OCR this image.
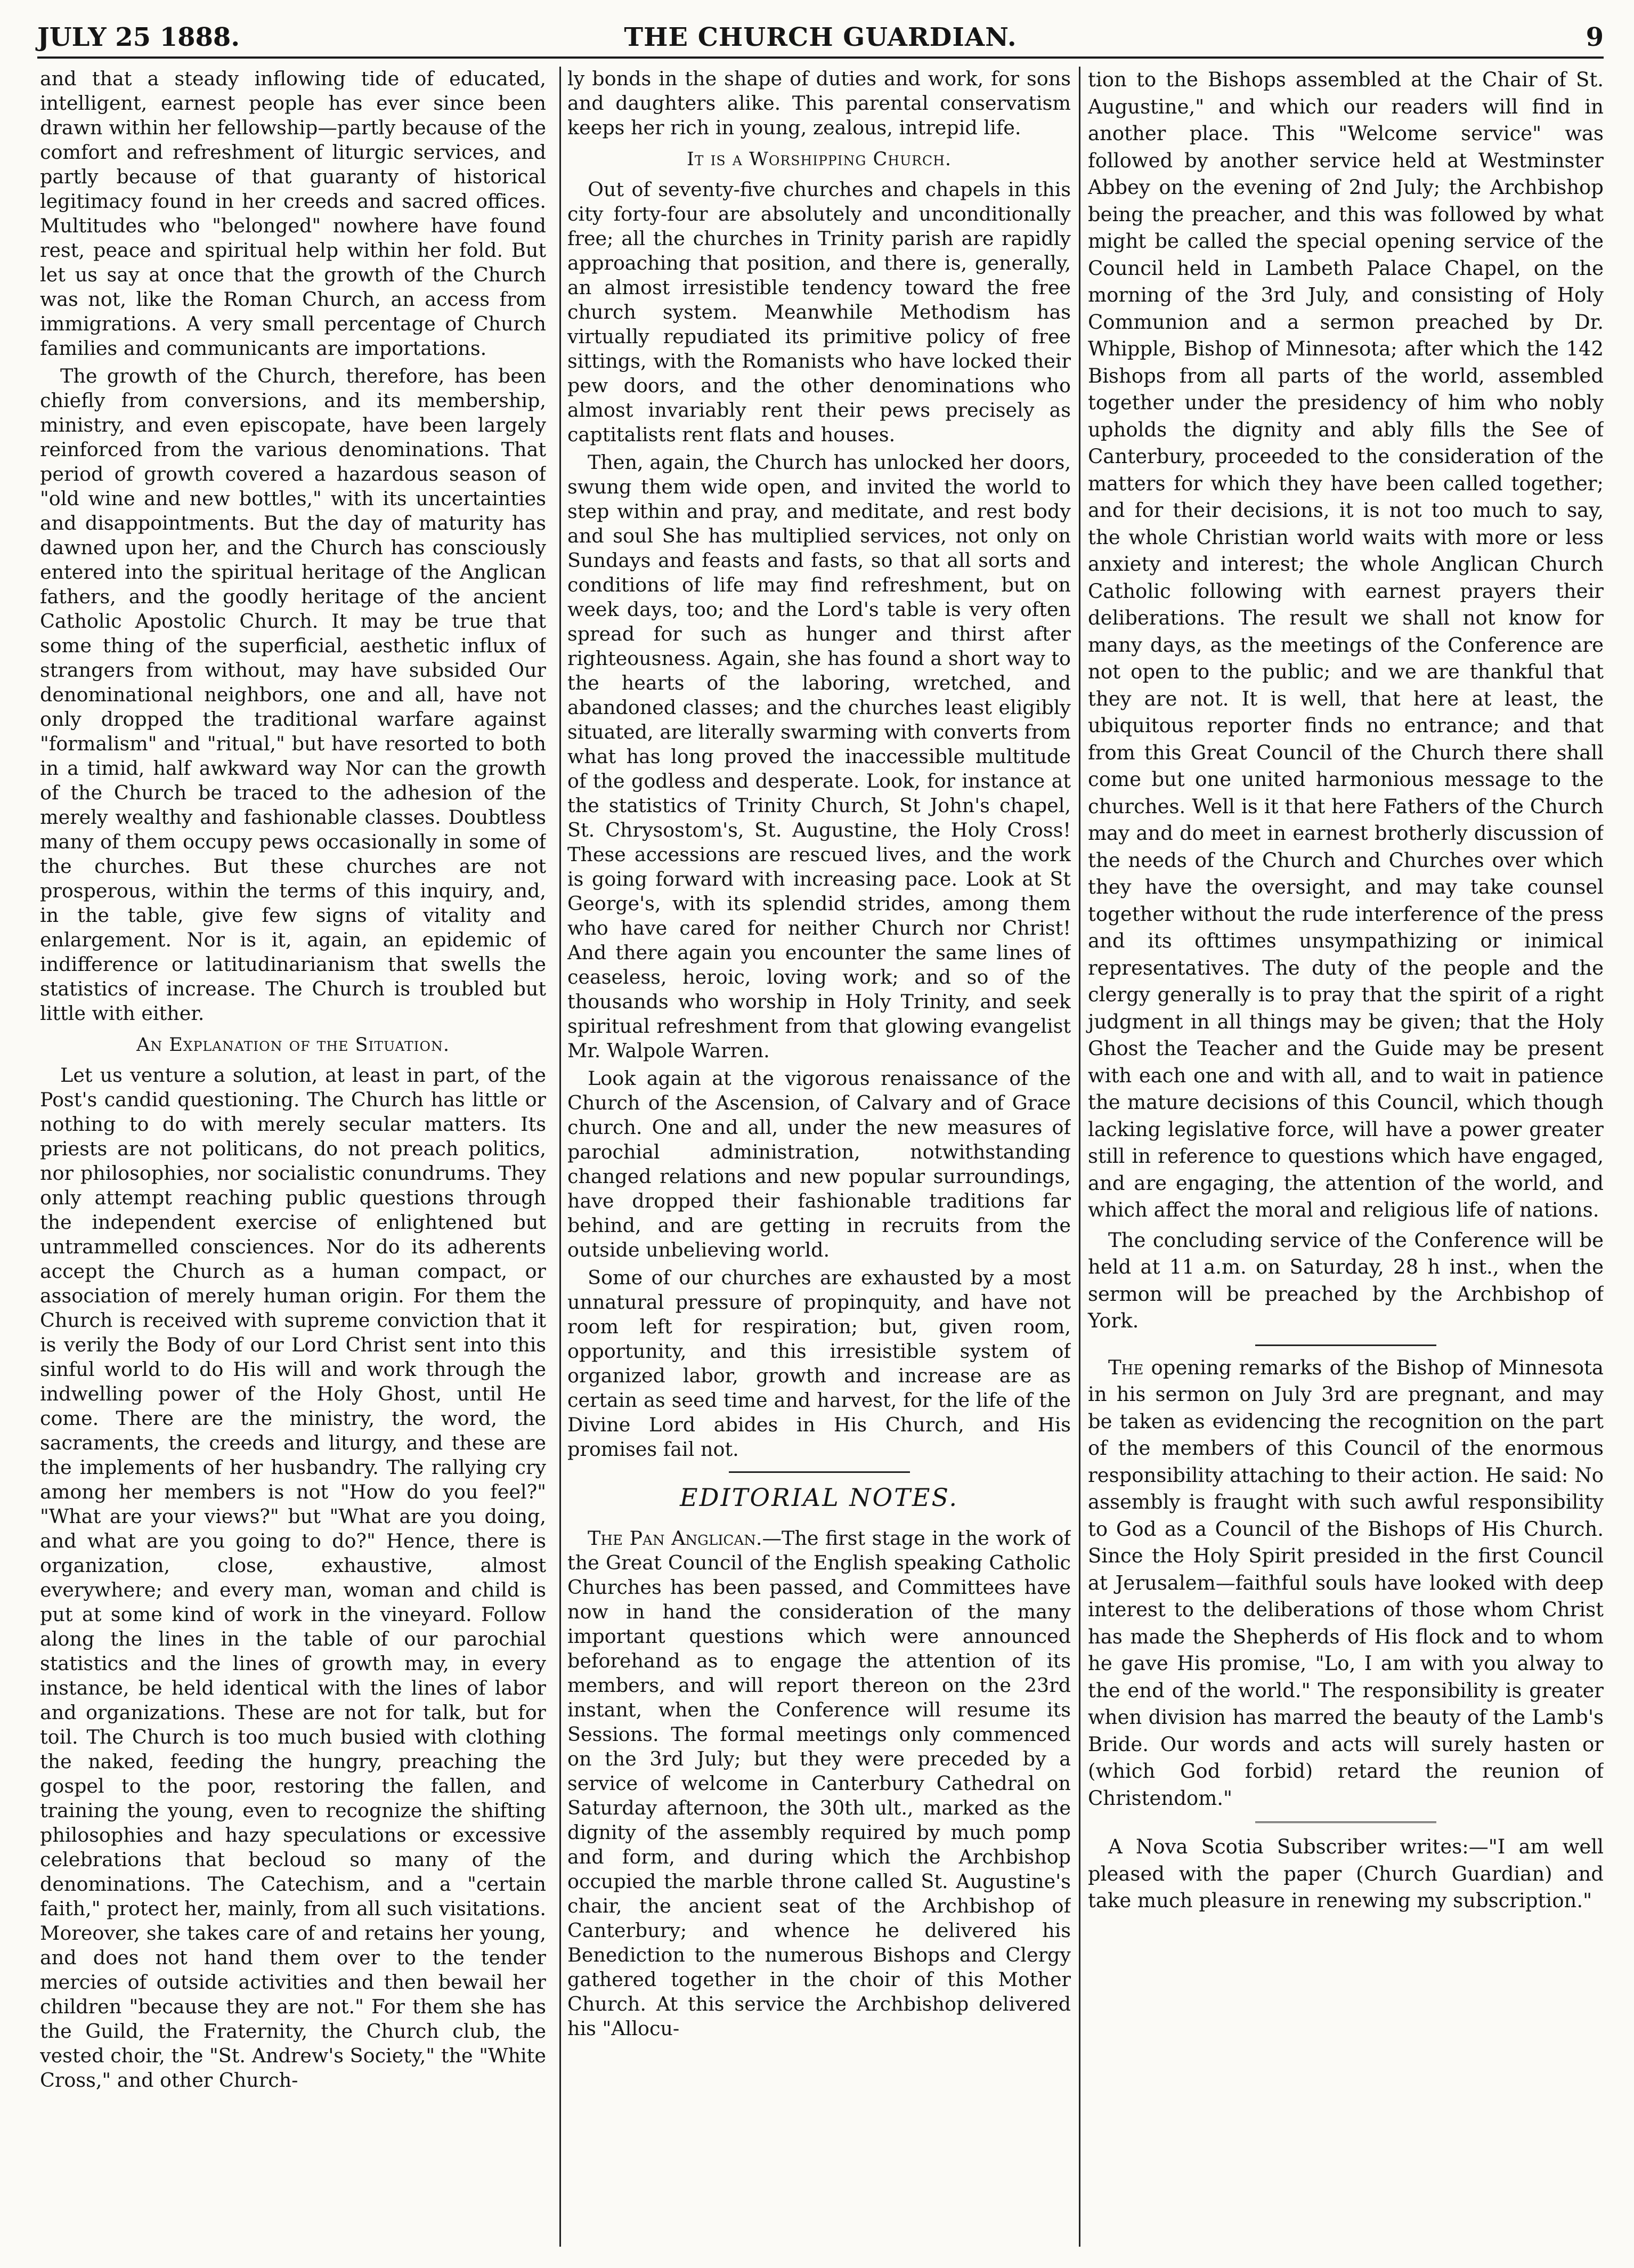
JULY 25 1888.	THE CHURCH GUARDIAN.	9

and that a steady inflowing tide of educated, intelligent, earnest people has ever since been drawn within her fellowship—partly because of the comfort and refreshment of liturgic services, and partly because of that guaranty of historical legitimacy found in her creeds and sacred offices. Multitudes who "belonged" nowhere have found rest, peace and spiritual help within her fold. But let us say at once that the growth of the Church was not, like the Roman Church, an access from immigrations. A very small percentage of Church families and communicants are importations.

The growth of the Church, therefore, has been chiefly from conversions, and its membership, ministry, and even episcopate, have been largely reinforced from the various denominations. That period of growth covered a hazardous season of "old wine and new bottles," with its uncertainties and disappointments. But the day of maturity has dawned upon her, and the Church has consciously entered into the spiritual heritage of the Anglican fathers, and the goodly heritage of the ancient Catholic Apostolic Church. It may be true that some thing of the superficial, aesthetic influx of strangers from without, may have subsided Our denominational neighbors, one and all, have not only dropped the traditional warfare against "formalism" and "ritual," but have resorted to both in a timid, half awkward way Nor can the growth of the Church be traced to the adhesion of the merely wealthy and fashionable classes. Doubtless many of them occupy pews occasionally in some of the churches. But these churches are not prosperous, within the terms of this inquiry, and, in the table, give few signs of vitality and enlargement. Nor is it, again, an epidemic of indifference or latitudinarianism that swells the statistics of increase. The Church is troubled but little with either.

An Explanation of the Situation.

Let us venture a solution, at least in part, of the Post's candid questioning. The Church has little or nothing to do with merely secular matters. Its priests are not politicans, do not preach politics, nor philosophies, nor socialistic conundrums. They only attempt reaching public questions through the independent exercise of enlightened but untrammelled consciences. Nor do its adherents accept the Church as a human compact, or association of merely human origin. For them the Church is received with supreme conviction that it is verily the Body of our Lord Christ sent into this sinful world to do His will and work through the indwelling power of the Holy Ghost, until He come. There are the ministry, the word, the sacraments, the creeds and liturgy, and these are the implements of her husbandry. The rallying cry among her members is not "How do you feel?" "What are your views?" but "What are you doing, and what are you going to do?" Hence, there is organization, close, exhaustive, almost everywhere; and every man, woman and child is put at some kind of work in the vineyard. Follow along the lines in the table of our parochial statistics and the lines of growth may, in every instance, be held identical with the lines of labor and organizations. These are not for talk, but for toil. The Church is too much busied with clothing the naked, feeding the hungry, preaching the gospel to the poor, restoring the fallen, and training the young, even to recognize the shifting philosophies and hazy speculations or excessive celebrations that becloud so many of the denominations. The Catechism, and a "certain faith," protect her, mainly, from all such visitations. Moreover, she takes care of and retains her young, and does not hand them over to the tender mercies of outside activities and then bewail her children "because they are not." For them she has the Guild, the Fraternity, the Church club, the vested choir, the "St. Andrew's Society," the "White Cross," and other Church-

ly bonds in the shape of duties and work, for sons and daughters alike. This parental conservatism keeps her rich in young, zealous, intrepid life.

It is a Worshipping Church.

Out of seventy-five churches and chapels in this city forty-four are absolutely and unconditionally free; all the churches in Trinity parish are rapidly approaching that position, and there is, generally, an almost irresistible tendency toward the free church system. Meanwhile Methodism has virtually repudiated its primitive policy of free sittings, with the Romanists who have locked their pew doors, and the other denominations who almost invariably rent their pews precisely as captitalists rent flats and houses.

Then, again, the Church has unlocked her doors, swung them wide open, and invited the world to step within and pray, and meditate, and rest body and soul She has multiplied services, not only on Sundays and feasts and fasts, so that all sorts and conditions of life may find refreshment, but on week days, too; and the Lord's table is very often spread for such as hunger and thirst after righteousness. Again, she has found a short way to the hearts of the laboring, wretched, and abandoned classes; and the churches least eligibly situated, are literally swarming with converts from what has long proved the inaccessible multitude of the godless and desperate. Look, for instance at the statistics of Trinity Church, St John's chapel, St. Chrysostom's, St. Augustine, the Holy Cross! These accessions are rescued lives, and the work is going forward with increasing pace. Look at St George's, with its splendid strides, among them who have cared for neither Church nor Christ! And there again you encounter the same lines of ceaseless, heroic, loving work; and so of the thousands who worship in Holy Trinity, and seek spiritual refreshment from that glowing evangelist Mr. Walpole Warren.

Look again at the vigorous renaissance of the Church of the Ascension, of Calvary and of Grace church. One and all, under the new measures of parochial administration, notwithstanding changed relations and new popular surroundings, have dropped their fashionable traditions far behind, and are getting in recruits from the outside unbelieving world.

Some of our churches are exhausted by a most unnatural pressure of propinquity, and have not room left for respiration; but, given room, opportunity, and this irresistible system of organized labor, growth and increase are as certain as seed time and harvest, for the life of the Divine Lord abides in His Church, and His promises fail not.

EDITORIAL NOTES.

The Pan Anglican.—The first stage in the work of the Great Council of the English speaking Catholic Churches has been passed, and Committees have now in hand the consideration of the many important questions which were announced beforehand as to engage the attention of its members, and will report thereon on the 23rd instant, when the Conference will resume its Sessions. The formal meetings only commenced on the 3rd July; but they were preceded by a service of welcome in Canterbury Cathedral on Saturday afternoon, the 30th ult., marked as the dignity of the assembly required by much pomp and form, and during which the Archbishop occupied the marble throne called St. Augustine's chair, the ancient seat of the Archbishop of Canterbury; and whence he delivered his Benediction to the numerous Bishops and Clergy gathered together in the choir of this Mother Church. At this service the Archbishop delivered his "Allocu-

tion to the Bishops assembled at the Chair of St. Augustine," and which our readers will find in another place. This "Welcome service" was followed by another service held at Westminster Abbey on the evening of 2nd July; the Archbishop being the preacher, and this was followed by what might be called the special opening service of the Council held in Lambeth Palace Chapel, on the morning of the 3rd July, and consisting of Holy Communion and a sermon preached by Dr. Whipple, Bishop of Minnesota; after which the 142 Bishops from all parts of the world, assembled together under the presidency of him who nobly upholds the dignity and ably fills the See of Canterbury, proceeded to the consideration of the matters for which they have been called together; and for their decisions, it is not too much to say, the whole Christian world waits with more or less anxiety and interest; the whole Anglican Church Catholic following with earnest prayers their deliberations. The result we shall not know for many days, as the meetings of the Conference are not open to the public; and we are thankful that they are not. It is well, that here at least, the ubiquitous reporter finds no entrance; and that from this Great Council of the Church there shall come but one united harmonious message to the churches. Well is it that here Fathers of the Church may and do meet in earnest brotherly discussion of the needs of the Church and Churches over which they have the oversight, and may take counsel together without the rude interference of the press and its ofttimes unsympathizing or inimical representatives. The duty of the people and the clergy generally is to pray that the spirit of a right judgment in all things may be given; that the Holy Ghost the Teacher and the Guide may be present with each one and with all, and to wait in patience the mature decisions of this Council, which though lacking legislative force, will have a power greater still in reference to questions which have engaged, and are engaging, the attention of the world, and which affect the moral and religious life of nations.

The concluding service of the Conference will be held at 11 a.m. on Saturday, 28 h inst., when the sermon will be preached by the Archbishop of York.

The opening remarks of the Bishop of Minnesota in his sermon on July 3rd are pregnant, and may be taken as evidencing the recognition on the part of the members of this Council of the enormous responsibility attaching to their action. He said: No assembly is fraught with such awful responsibility to God as a Council of the Bishops of His Church. Since the Holy Spirit presided in the first Council at Jerusalem—faithful souls have looked with deep interest to the deliberations of those whom Christ has made the Shepherds of His flock and to whom he gave His promise, "Lo, I am with you alway to the end of the world." The responsibility is greater when division has marred the beauty of the Lamb's Bride. Our words and acts will surely hasten or (which God forbid) retard the reunion of Christendom."

A Nova Scotia Subscriber writes:—"I am well pleased with the paper (Church Guardian) and take much pleasure in renewing my subscription."
